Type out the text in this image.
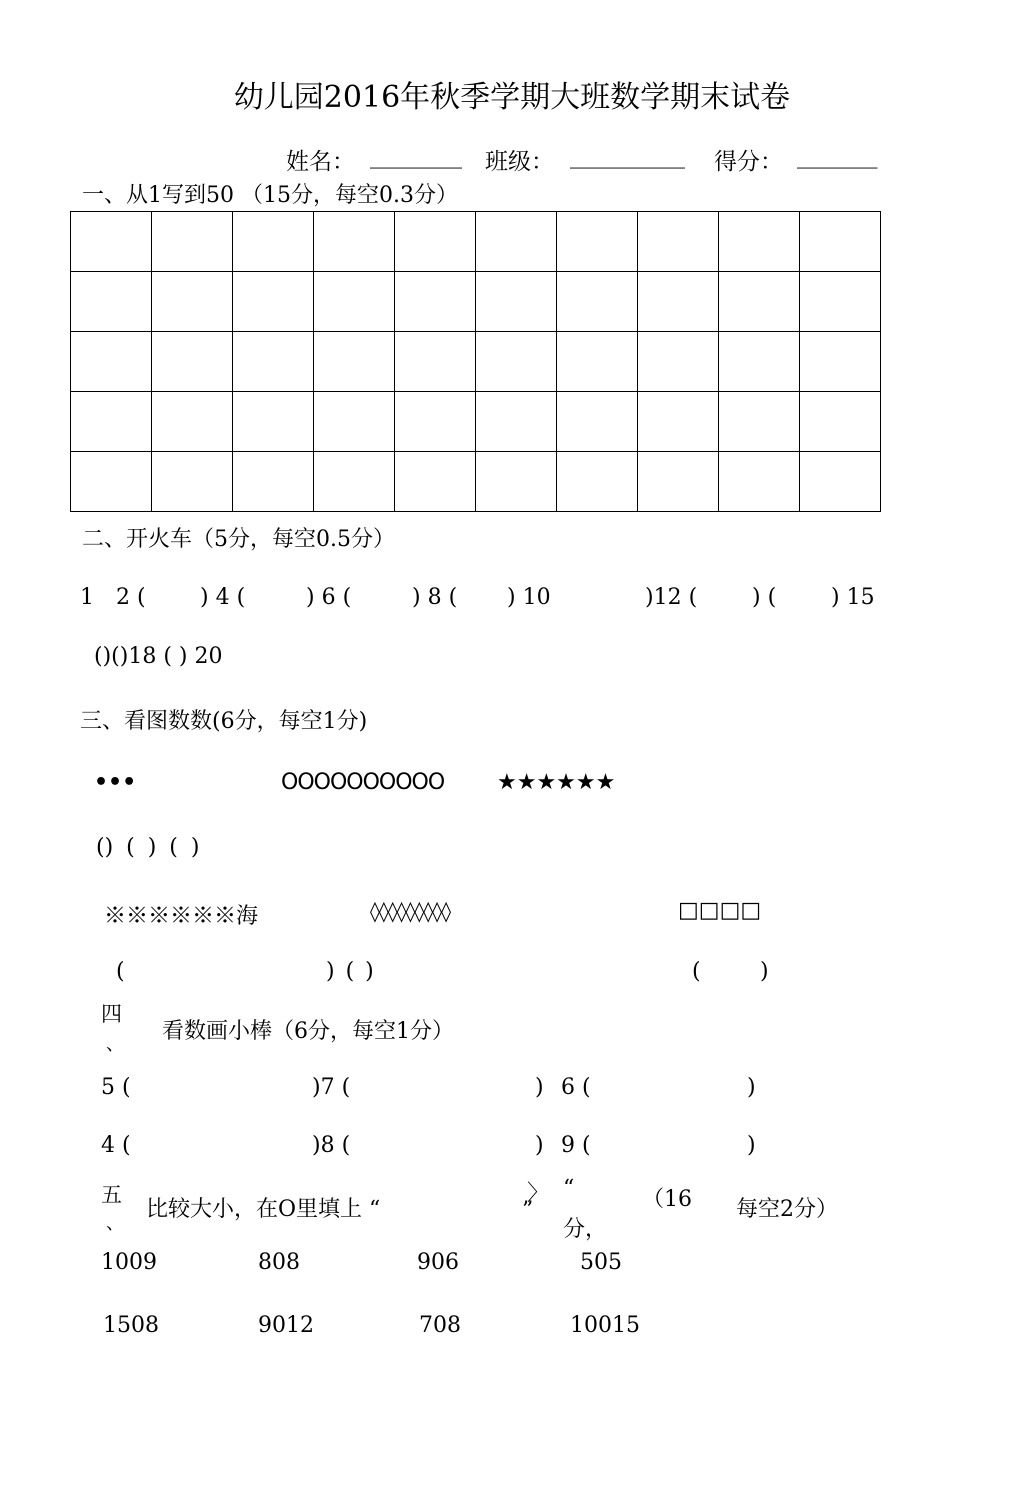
幼儿园2016年秋季学期大班数学期末试卷
姓名： ________ 班级： __________ 得分： _______
一、从1写到50 （15分，每空0.3分）

二、开火车（5分，每空0.5分）
1 2 ( ) 4 (	) 6 (	) 8 ( ) 10	)12 ( ) ( ) 15
()()18 ( ) 20
三、看图数数(6分，每空1分)
•••	OOOOOOOOOO ★★★★★★
() ( ) ( )
※※※※※※海	◊◊◊◊◊◊◊◊◊	□□□□
(	) ( )	(	)
四
、
看数画小棒（6分，每空1分）
5 (	)7 (	) 6 (	)
4 (	)8 (	) 9 (	)
五
、
比较大小，在O里填上 “
〉
”
“
分，
（16 每空2分）
1009	808	906	505
1508	9012	708	10015
